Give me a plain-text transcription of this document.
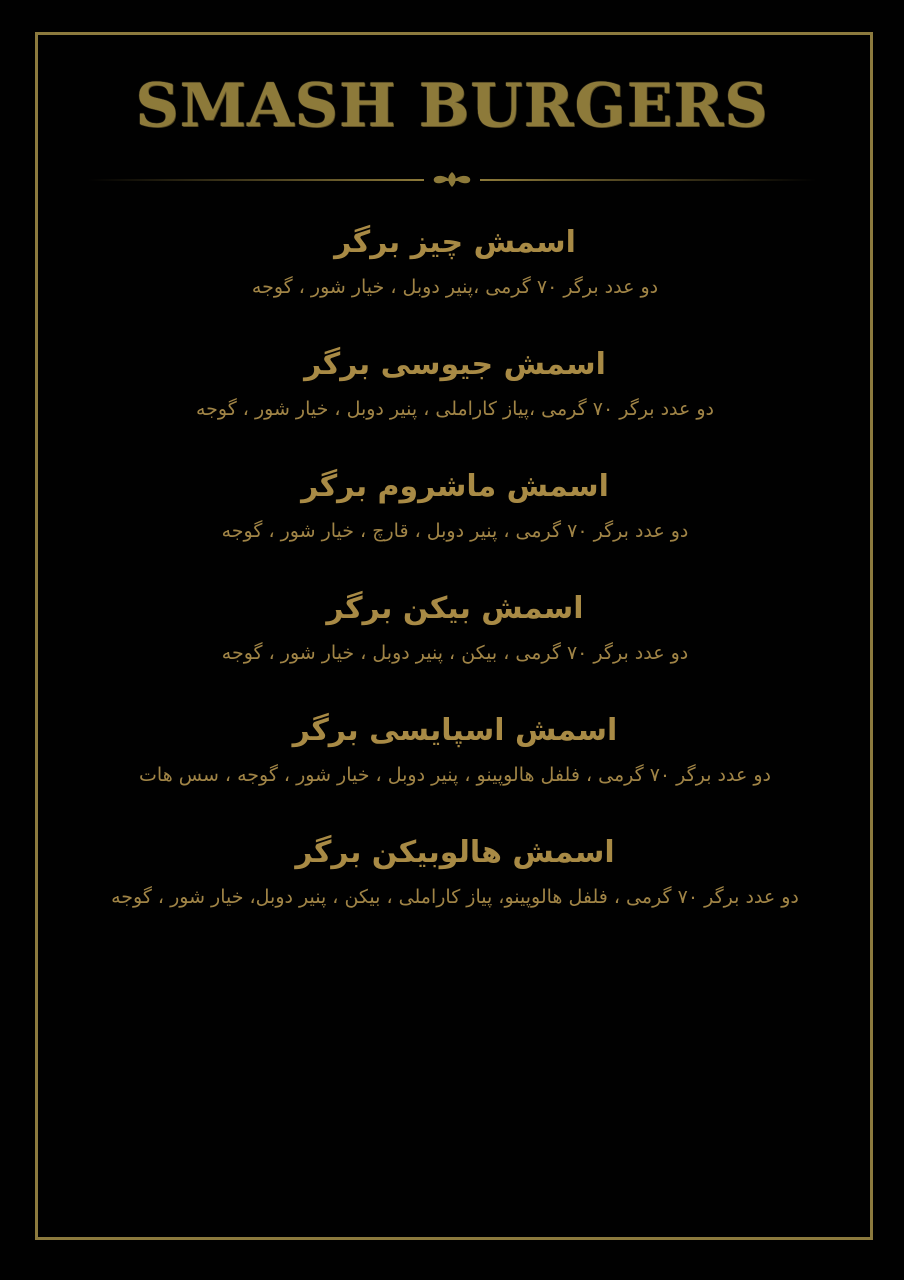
SMASH BURGERS
اسمش چیز برگر
دو عدد برگر ۷۰ گرمی ،پنیر دوبل ، خیار شور ، گوجه
اسمش جیوسی برگر
دو عدد برگر ۷۰ گرمی ،پیاز کاراملی ، پنیر دوبل ، خیار شور ، گوجه
اسمش ماشروم برگر
دو عدد برگر ۷۰ گرمی ، پنیر دوبل ، قارچ ، خیار شور ، گوجه
اسمش بیکن برگر
دو عدد برگر ۷۰ گرمی ، بیکن ، پنیر دوبل ، خیار شور ، گوجه
اسمش اسپایسی برگر
دو عدد برگر ۷۰ گرمی ، فلفل هالوپینو ، پنیر دوبل ، خیار شور ، گوجه ، سس هات
اسمش هالوبیکن برگر
دو عدد برگر ۷۰ گرمی ، فلفل هالوپینو، پیاز کاراملی ، بیکن ، پنیر دوبل، خیار شور ، گوجه
